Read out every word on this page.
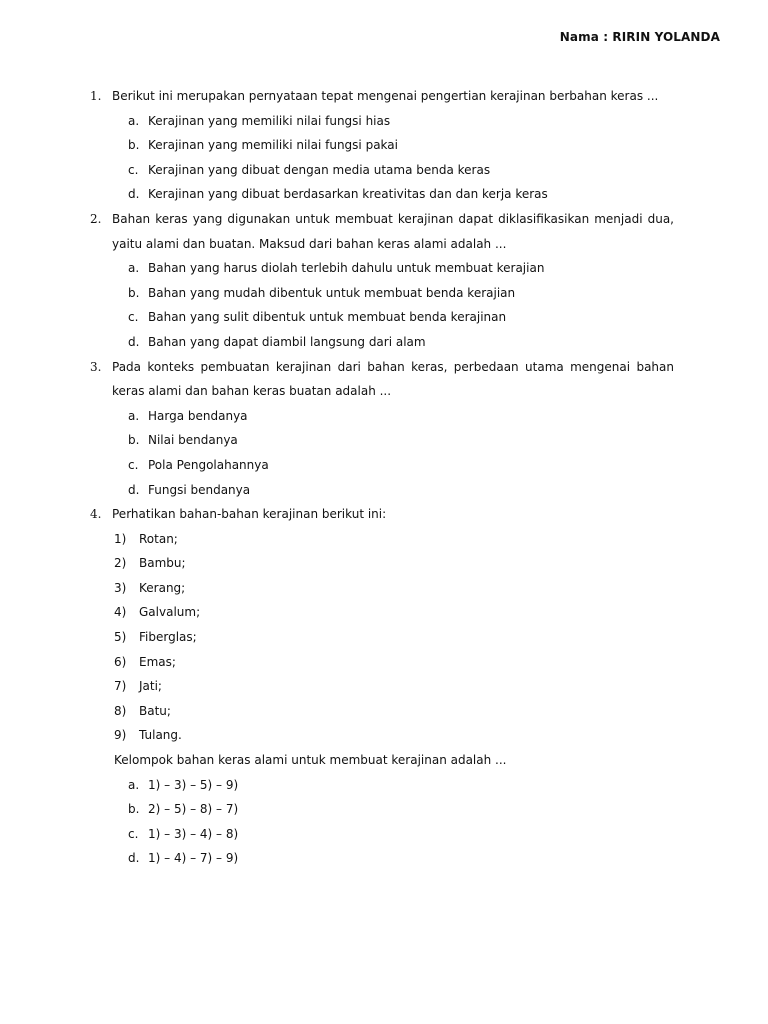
Nama : RIRIN YOLANDA
1. Berikut ini merupakan pernyataan tepat mengenai pengertian kerajinan berbahan keras ...
a. Kerajinan yang memiliki nilai fungsi hias
b. Kerajinan yang memiliki nilai fungsi pakai
c. Kerajinan yang dibuat dengan media utama benda keras
d. Kerajinan yang dibuat berdasarkan kreativitas dan dan kerja keras
2. Bahan keras yang digunakan untuk membuat kerajinan dapat diklasifikasikan menjadi dua, yaitu alami dan buatan. Maksud dari bahan keras alami adalah ...
a. Bahan yang harus diolah terlebih dahulu untuk membuat kerajian
b. Bahan yang mudah dibentuk untuk membuat benda kerajian
c. Bahan yang sulit dibentuk untuk membuat benda kerajinan
d. Bahan yang dapat diambil langsung dari alam
3. Pada konteks pembuatan kerajinan dari bahan keras, perbedaan utama mengenai bahan keras alami dan bahan keras buatan adalah ...
a. Harga bendanya
b. Nilai bendanya
c. Pola Pengolahannya
d. Fungsi bendanya
4. Perhatikan bahan-bahan kerajinan berikut ini:
1)	Rotan;
2)	Bambu;
3)	Kerang;
4)	Galvalum;
5)	Fiberglas;
6)	Emas;
7)	Jati;
8)	Batu;
9)	Tulang.
Kelompok bahan keras alami untuk membuat kerajinan adalah ...
a. 1) – 3) – 5) – 9)
b. 2) – 5) – 8) – 7)
c. 1) – 3) – 4) – 8)
d. 1) – 4) – 7) – 9)
